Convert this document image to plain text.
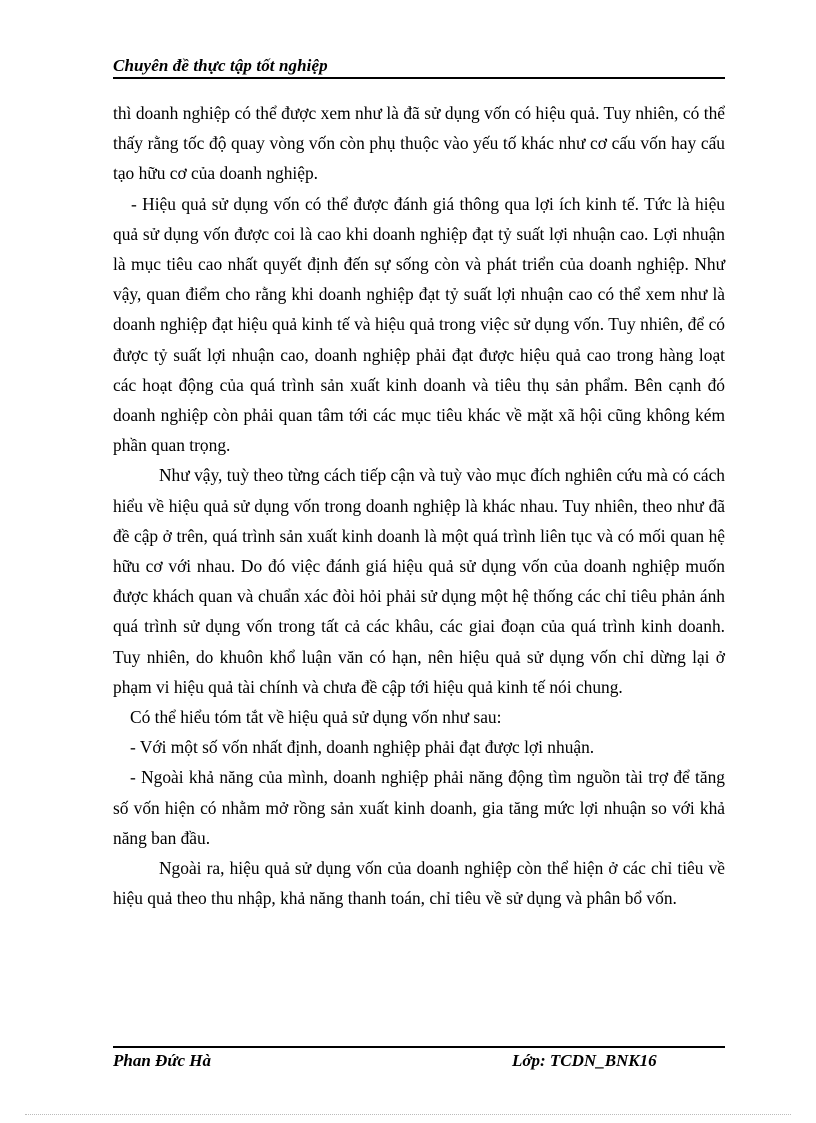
Chuyên đề thực tập tốt nghiệp

thì doanh nghiệp có thể được xem như là đã sử dụng vốn có hiệu quả. Tuy nhiên, có thể thấy rằng tốc độ quay vòng vốn còn phụ thuộc vào yếu tố khác như cơ cấu vốn hay cấu tạo hữu cơ của doanh nghiệp.

- Hiệu quả sử dụng vốn có thể được đánh giá thông qua lợi ích kinh tế. Tức là hiệu quả sử dụng vốn được coi là cao khi doanh nghiệp đạt tỷ suất lợi nhuận cao. Lợi nhuận là mục tiêu cao nhất quyết định đến sự sống còn và phát triển của doanh nghiệp. Như vậy, quan điểm cho rằng khi doanh nghiệp đạt tỷ suất lợi nhuận cao có thể xem như là doanh nghiệp đạt hiệu quả kinh tế và hiệu quả trong việc sử dụng vốn. Tuy nhiên, để có được tỷ suất lợi nhuận cao, doanh nghiệp phải đạt được hiệu quả cao trong hàng loạt các hoạt động của quá trình sản xuất kinh doanh và tiêu thụ sản phẩm. Bên cạnh đó doanh nghiệp còn phải quan tâm tới các mục tiêu khác về mặt xã hội cũng không kém phần quan trọng.

Như vậy, tuỳ theo từng cách tiếp cận và tuỳ vào mục đích nghiên cứu mà có cách hiểu về hiệu quả sử dụng vốn trong doanh nghiệp là khác nhau. Tuy nhiên, theo như đã đề cập ở trên, quá trình sản xuất kinh doanh là một quá trình liên tục và có mối quan hệ hữu cơ với nhau. Do đó việc đánh giá hiệu quả sử dụng vốn của doanh nghiệp muốn được khách quan và chuẩn xác đòi hỏi phải sử dụng một hệ thống các chỉ tiêu phản ánh quá trình sử dụng vốn trong tất cả các khâu, các giai đoạn của quá trình kinh doanh. Tuy nhiên, do khuôn khổ luận văn có hạn, nên hiệu quả sử dụng vốn chỉ dừng lại ở phạm vi hiệu quả tài chính và chưa đề cập tới hiệu quả kinh tế nói chung.

Có thể hiểu tóm tắt về hiệu quả sử dụng vốn như sau:

- Với một số vốn nhất định, doanh nghiệp phải đạt được lợi nhuận.

- Ngoài khả năng của mình, doanh nghiệp phải năng động tìm nguồn tài trợ để tăng số vốn hiện có nhằm mở rồng sản xuất kinh doanh, gia tăng mức lợi nhuận so với khả năng ban đầu.

Ngoài ra, hiệu quả sử dụng vốn của doanh nghiệp còn thể hiện ở các chỉ tiêu về hiệu quả theo thu nhập, khả năng thanh toán, chỉ tiêu về sử dụng và phân bổ vốn.

Phan Đức Hà	Lớp: TCDN_BNK16
